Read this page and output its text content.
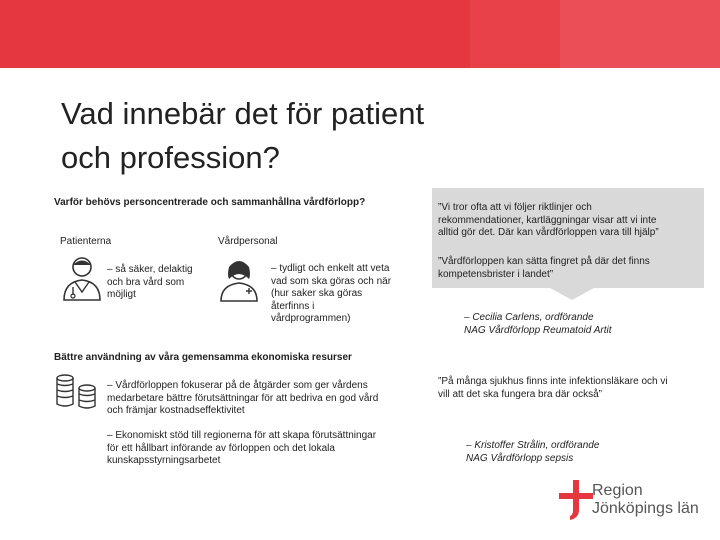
Vad innebär det för patient
och profession?
Varför behövs personcentrerade och sammanhållna vårdförlopp?
Patienterna	Vårdpersonal
– så säker, delaktig
och bra vård som
möjligt
– tydligt och enkelt att veta
vad som ska göras och när
(hur saker ska göras
återfinns i
vårdprogrammen)
Bättre användning av våra gemensamma ekonomiska resurser
– Vårdförloppen fokuserar på de åtgärder som ger vårdens
medarbetare bättre förutsättningar för att bedriva en god vård
och främjar kostnadseffektivitet
– Ekonomiskt stöd till regionerna för att skapa förutsättningar
för ett hållbart införande av förloppen och det lokala
kunskapsstyrningsarbetet
”Vi tror ofta att vi följer riktlinjer och
rekommendationer, kartläggningar visar att vi inte
alltid gör det. Där kan vårdförloppen vara till hjälp”
”Vårdförloppen kan sätta fingret på där det finns
kompetensbrister i landet”
– Cecilia Carlens, ordförande
NAG Vårdförlopp Reumatoid Artit
”På många sjukhus finns inte infektionsläkare och vi
vill att det ska fungera bra där också”
– Kristoffer Strålin, ordförande
NAG Vårdförlopp sepsis
Region
Jönköpings län
